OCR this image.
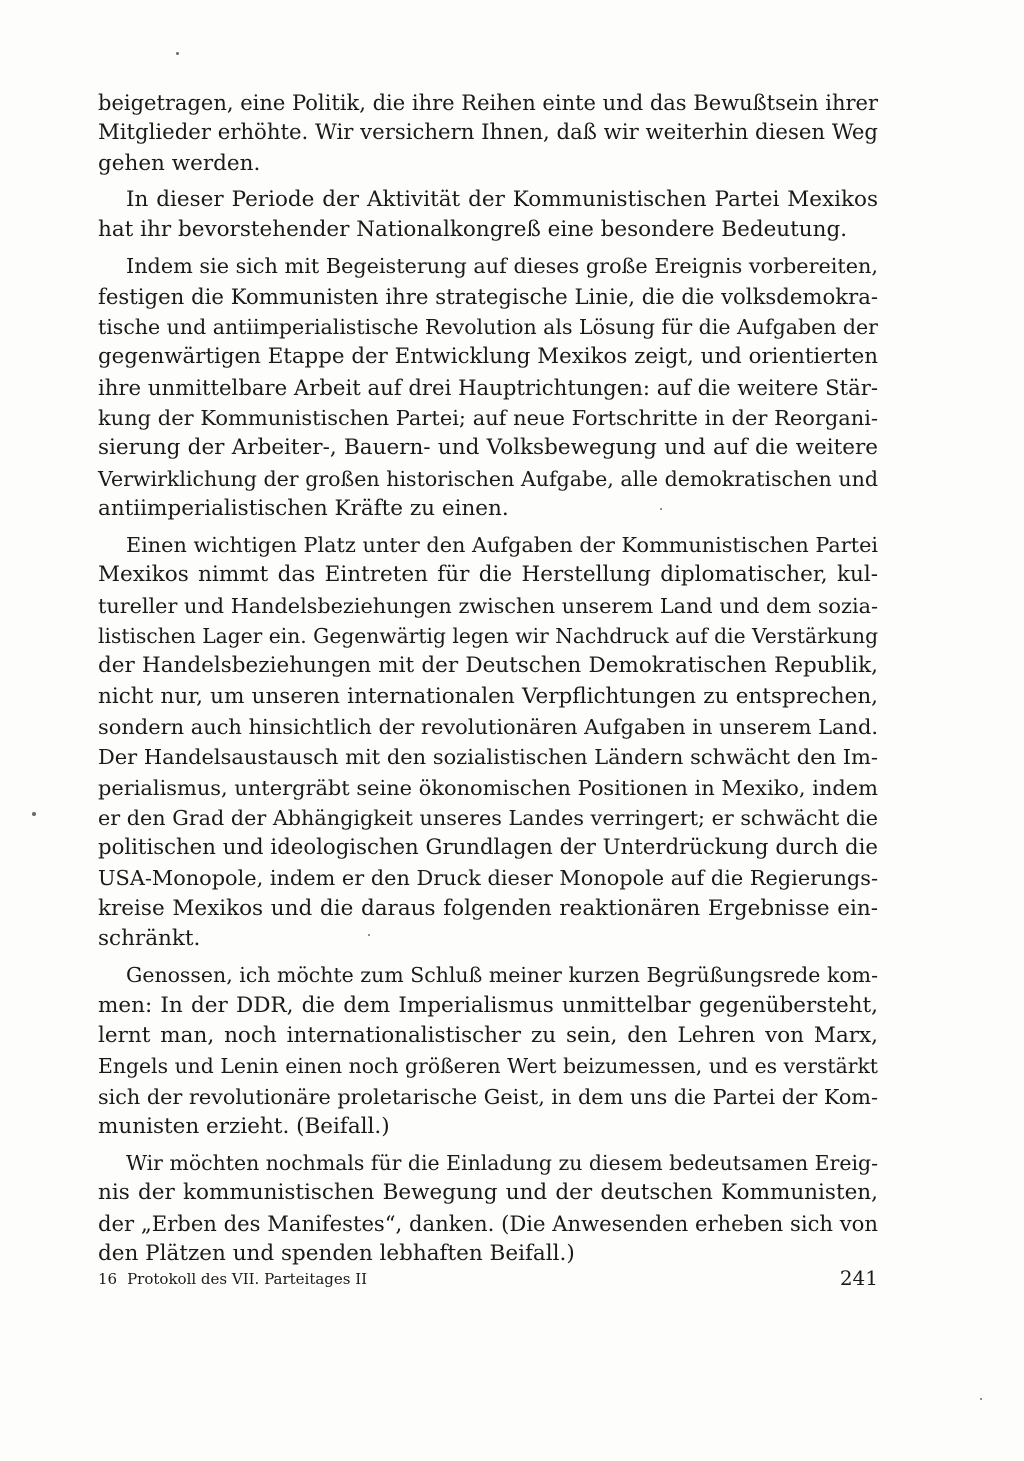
beigetragen, eine Politik, die ihre Reihen einte und das Bewußtsein ihrer
Mitglieder erhöhte. Wir versichern Ihnen, daß wir weiterhin diesen Weg
gehen werden.
In dieser Periode der Aktivität der Kommunistischen Partei Mexikos
hat ihr bevorstehender Nationalkongreß eine besondere Bedeutung.
Indem sie sich mit Begeisterung auf dieses große Ereignis vorbereiten,
festigen die Kommunisten ihre strategische Linie, die die volksdemokra-
tische und antiimperialistische Revolution als Lösung für die Aufgaben der
gegenwärtigen Etappe der Entwicklung Mexikos zeigt, und orientierten
ihre unmittelbare Arbeit auf drei Hauptrichtungen: auf die weitere Stär-
kung der Kommunistischen Partei; auf neue Fortschritte in der Reorgani-
sierung der Arbeiter-, Bauern- und Volksbewegung und auf die weitere
Verwirklichung der großen historischen Aufgabe, alle demokratischen und
antiimperialistischen Kräfte zu einen.
Einen wichtigen Platz unter den Aufgaben der Kommunistischen Partei
Mexikos nimmt das Eintreten für die Herstellung diplomatischer, kul-
tureller und Handelsbeziehungen zwischen unserem Land und dem sozia-
listischen Lager ein. Gegenwärtig legen wir Nachdruck auf die Verstärkung
der Handelsbeziehungen mit der Deutschen Demokratischen Republik,
nicht nur, um unseren internationalen Verpflichtungen zu entsprechen,
sondern auch hinsichtlich der revolutionären Aufgaben in unserem Land.
Der Handelsaustausch mit den sozialistischen Ländern schwächt den Im-
perialismus, untergräbt seine ökonomischen Positionen in Mexiko, indem
er den Grad der Abhängigkeit unseres Landes verringert; er schwächt die
politischen und ideologischen Grundlagen der Unterdrückung durch die
USA-Monopole, indem er den Druck dieser Monopole auf die Regierungs-
kreise Mexikos und die daraus folgenden reaktionären Ergebnisse ein-
schränkt.
Genossen, ich möchte zum Schluß meiner kurzen Begrüßungsrede kom-
men: In der DDR, die dem Imperialismus unmittelbar gegenübersteht,
lernt man, noch internationalistischer zu sein, den Lehren von Marx,
Engels und Lenin einen noch größeren Wert beizumessen, und es verstärkt
sich der revolutionäre proletarische Geist, in dem uns die Partei der Kom-
munisten erzieht. (Beifall.)
Wir möchten nochmals für die Einladung zu diesem bedeutsamen Ereig-
nis der kommunistischen Bewegung und der deutschen Kommunisten,
der „Erben des Manifestes“, danken. (Die Anwesenden erheben sich von
den Plätzen und spenden lebhaften Beifall.)
16 Protokoll des VII. Parteitages II	241
